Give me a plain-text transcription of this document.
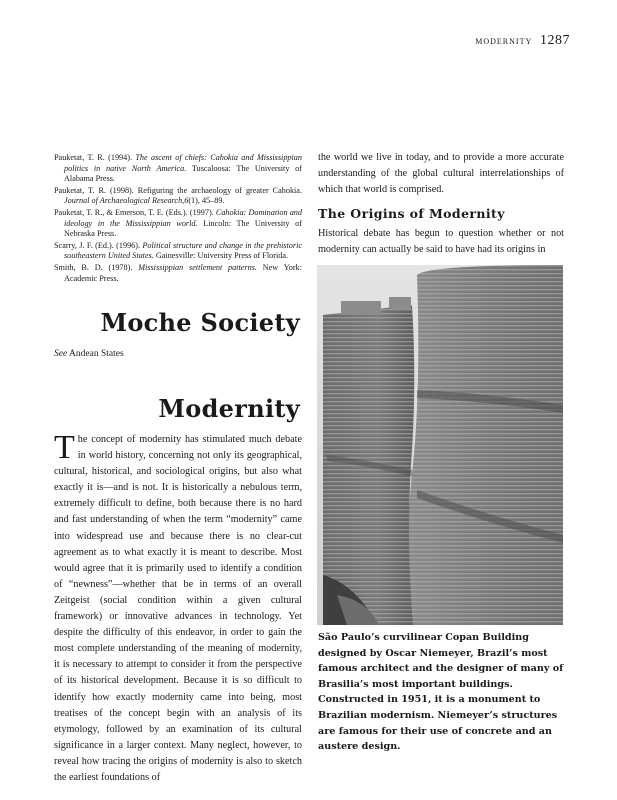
modernity 1287

Pauketat, T. R. (1994). The ascent of chiefs: Cahokia and Mississippian politics in native North America. Tuscaloosa: The University of Alabama Press.

Pauketat, T. R. (1998). Refiguring the archaeology of greater Cahokia. Journal of Archaeological Research,6(1), 45–89.

Pauketat, T. R., & Emerson, T. E. (Eds.). (1997). Cahokia: Domination and ideology in the Mississippian world. Lincoln: The University of Nebraska Press.

Scarry, J. F. (Ed.). (1996). Political structure and change in the prehistoric southeastern United States. Gainesville: University Press of Florida.

Smith, B. D. (1978). Mississippian settlement patterns. New York: Academic Press.

Moche Society
See Andean States
Modernity
The concept of modernity has stimulated much debate in world history, concerning not only its geographical, cultural, historical, and sociological origins, but also what exactly it is—and is not. It is historically a nebulous term, extremely difficult to define, both because there is no hard and fast understanding of when the term “modernity” came into widespread use and because there is no clear-cut agreement as to what exactly it is meant to describe. Most would agree that it is primarily used to identify a condition of “newness”—whether that be in terms of an overall Zeitgeist (social condition within a given cultural framework) or innovative advances in technology. Yet despite the difficulty of this endeavor, in order to gain the most complete understanding of the meaning of modernity, it is necessary to attempt to consider it from the perspective of its historical development. Because it is so difficult to identify how exactly modernity came into being, most treatises of the concept begin with an analysis of its etymology, followed by an examination of its cultural significance in a larger context. Many neglect, however, to reveal how tracing the origins of modernity is also to sketch the earliest foundations of
the world we live in today, and to provide a more accurate understanding of the global cultural interrelationships of which that world is comprised.
The Origins of Modernity
Historical debate has begun to question whether or not modernity can actually be said to have had its origins in
São Paulo’s curvilinear Copan Building designed by Oscar Niemeyer, Brazil’s most famous architect and the designer of many of Brasilia’s most important buildings. Constructed in 1951, it is a monument to Brazilian modernism. Niemeyer’s structures are famous for their use of concrete and an austere design.
